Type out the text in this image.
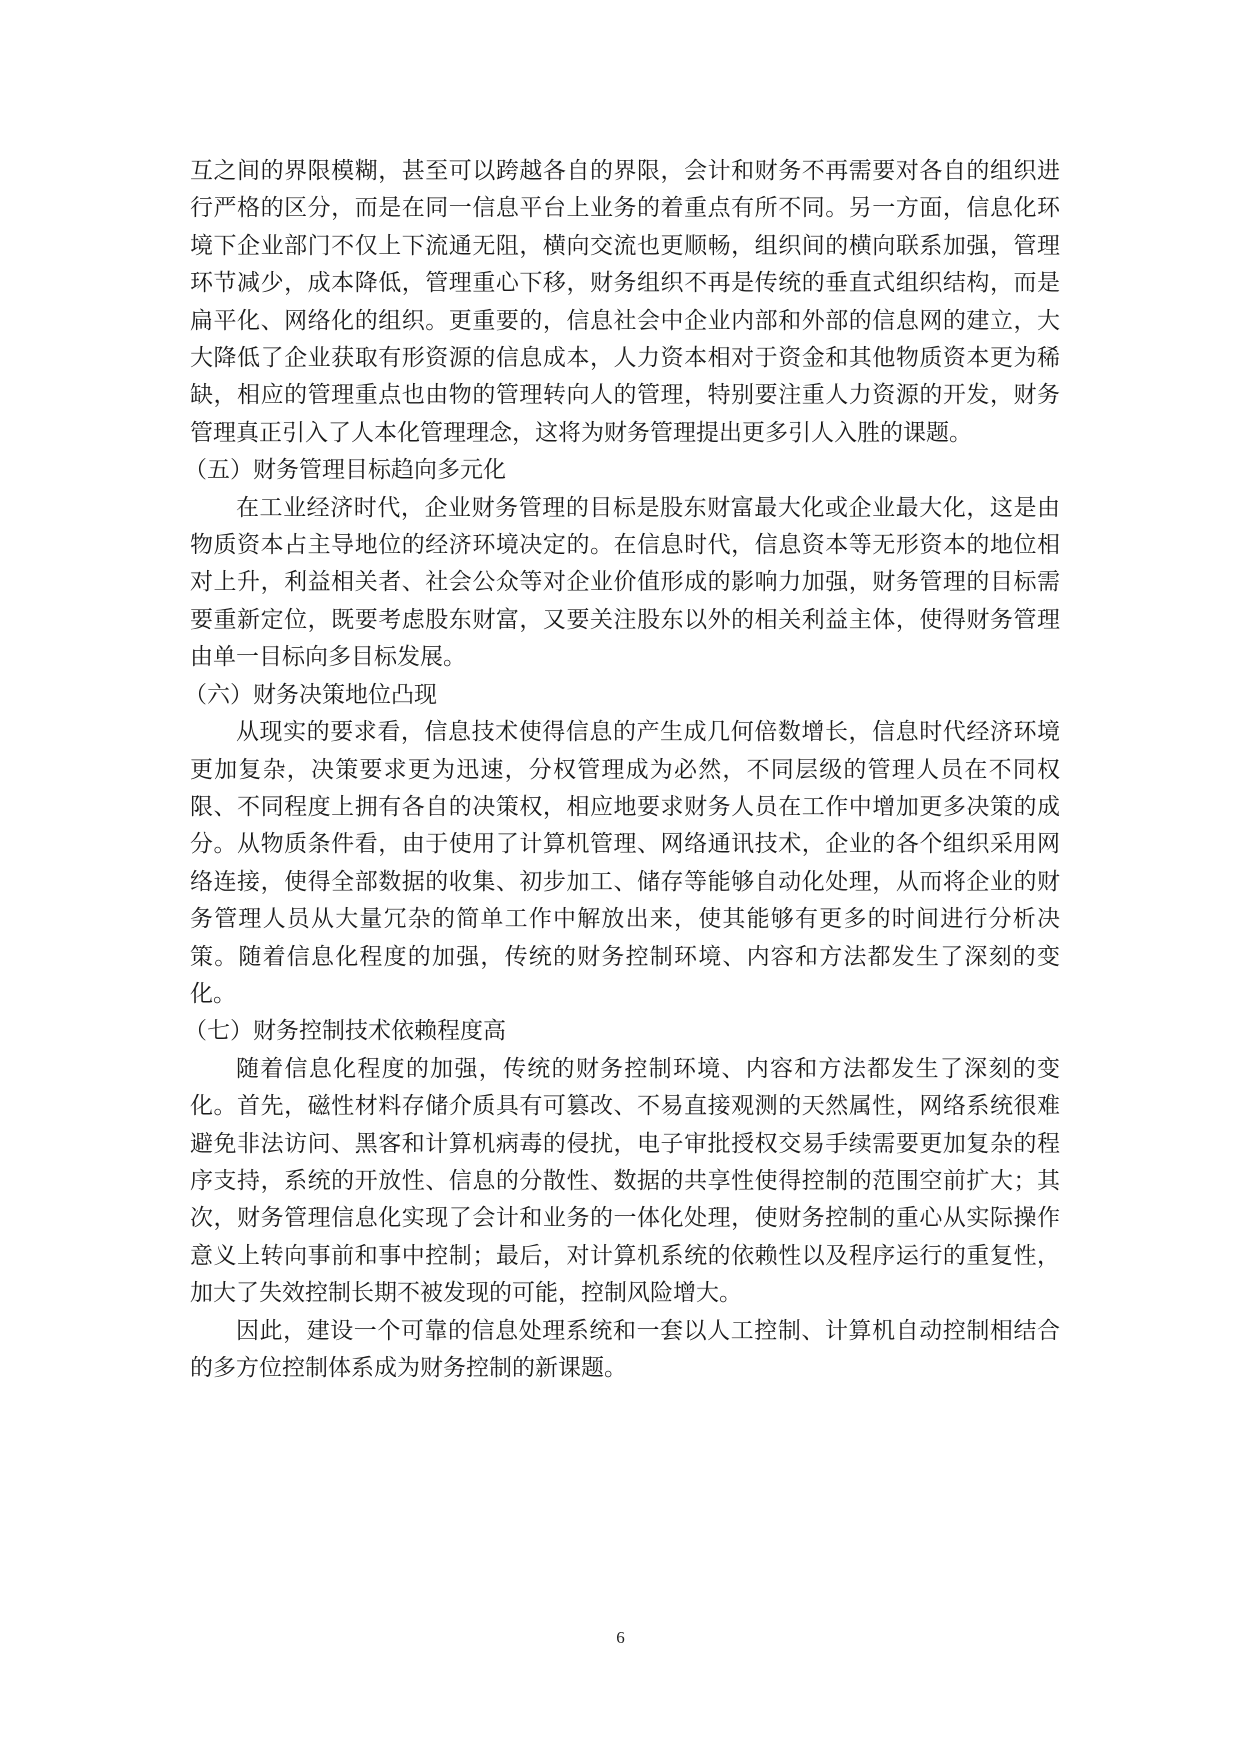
互之间的界限模糊，甚至可以跨越各自的界限，会计和财务不再需要对各自的组织进行严格的区分，而是在同一信息平台上业务的着重点有所不同。另一方面，信息化环境下企业部门不仅上下流通无阻，横向交流也更顺畅，组织间的横向联系加强，管理环节减少，成本降低，管理重心下移，财务组织不再是传统的垂直式组织结构，而是扁平化、网络化的组织。更重要的，信息社会中企业内部和外部的信息网的建立，大大降低了企业获取有形资源的信息成本，人力资本相对于资金和其他物质资本更为稀缺，相应的管理重点也由物的管理转向人的管理，特别要注重人力资源的开发，财务管理真正引入了人本化管理理念，这将为财务管理提出更多引人入胜的课题。

（五）财务管理目标趋向多元化

在工业经济时代，企业财务管理的目标是股东财富最大化或企业最大化，这是由物质资本占主导地位的经济环境决定的。在信息时代，信息资本等无形资本的地位相对上升，利益相关者、社会公众等对企业价值形成的影响力加强，财务管理的目标需要重新定位，既要考虑股东财富，又要关注股东以外的相关利益主体，使得财务管理由单一目标向多目标发展。

（六）财务决策地位凸现

从现实的要求看，信息技术使得信息的产生成几何倍数增长，信息时代经济环境更加复杂，决策要求更为迅速，分权管理成为必然，不同层级的管理人员在不同权限、不同程度上拥有各自的决策权，相应地要求财务人员在工作中增加更多决策的成分。从物质条件看，由于使用了计算机管理、网络通讯技术，企业的各个组织采用网络连接，使得全部数据的收集、初步加工、储存等能够自动化处理，从而将企业的财务管理人员从大量冗杂的简单工作中解放出来，使其能够有更多的时间进行分析决策。随着信息化程度的加强，传统的财务控制环境、内容和方法都发生了深刻的变化。

（七）财务控制技术依赖程度高

随着信息化程度的加强，传统的财务控制环境、内容和方法都发生了深刻的变化。首先，磁性材料存储介质具有可篡改、不易直接观测的天然属性，网络系统很难避免非法访问、黑客和计算机病毒的侵扰，电子审批授权交易手续需要更加复杂的程序支持，系统的开放性、信息的分散性、数据的共享性使得控制的范围空前扩大；其次，财务管理信息化实现了会计和业务的一体化处理，使财务控制的重心从实际操作意义上转向事前和事中控制；最后，对计算机系统的依赖性以及程序运行的重复性，加大了失效控制长期不被发现的可能，控制风险增大。

因此，建设一个可靠的信息处理系统和一套以人工控制、计算机自动控制相结合的多方位控制体系成为财务控制的新课题。

6
